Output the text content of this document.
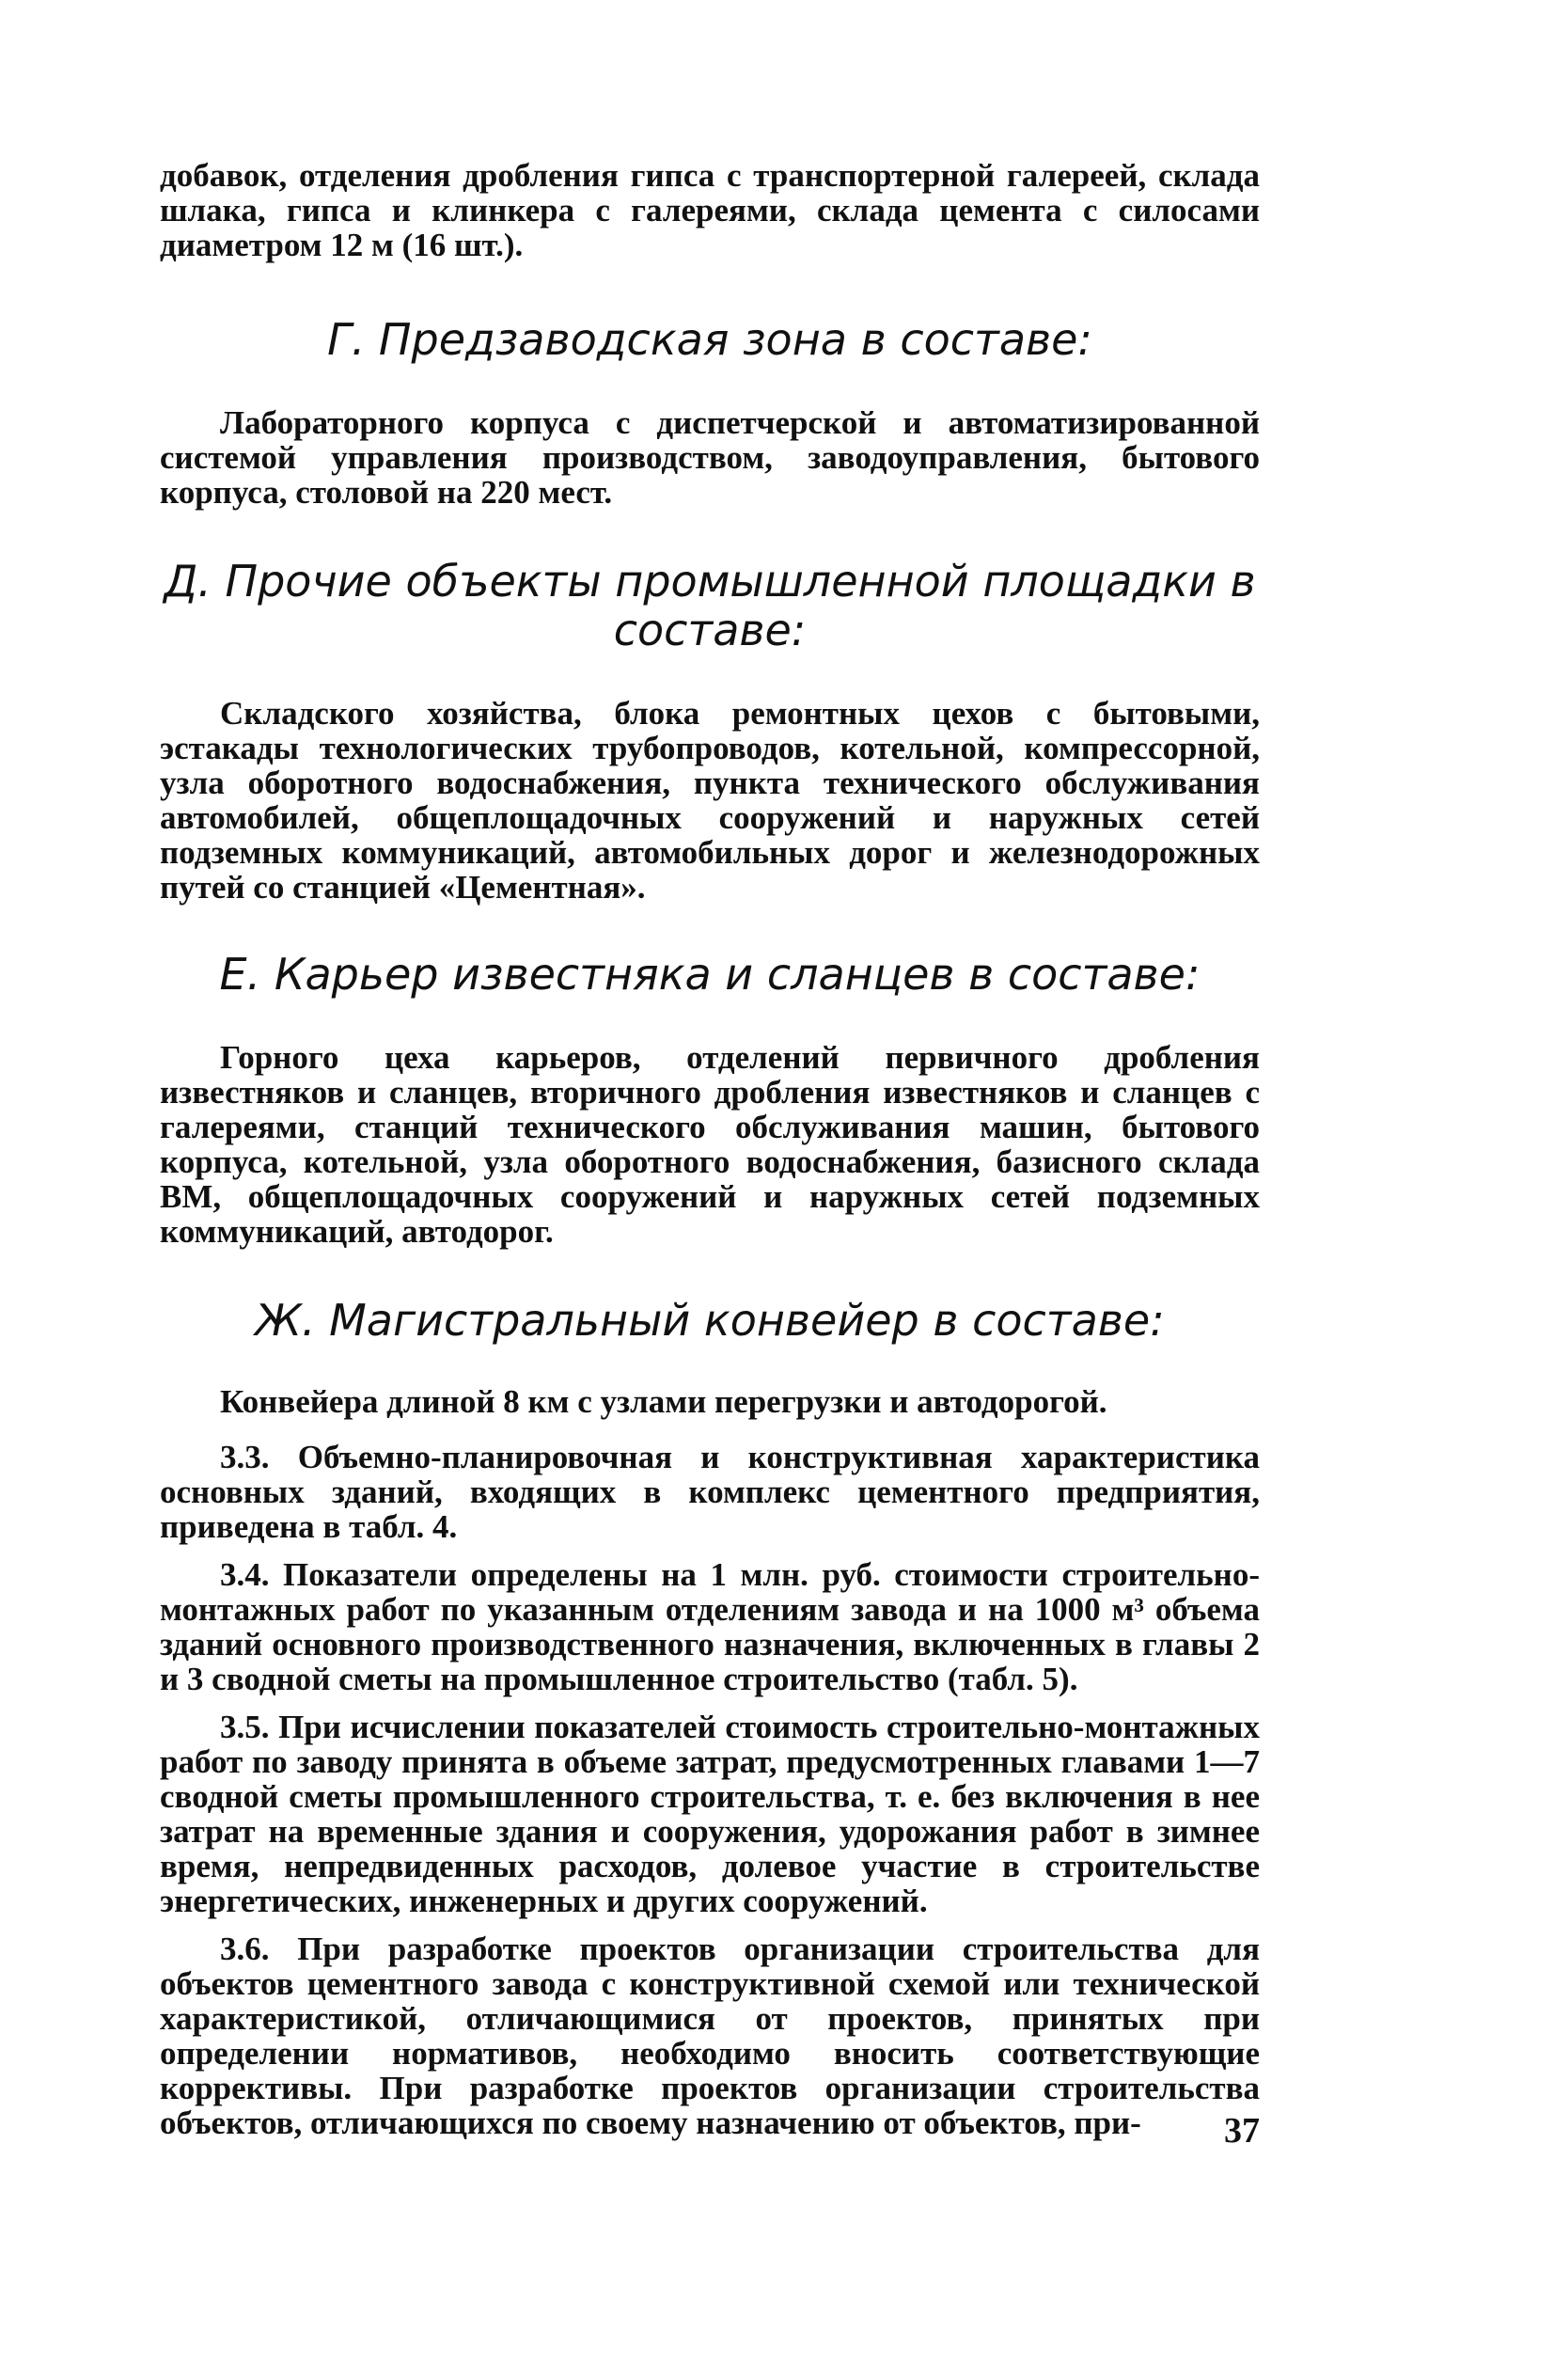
добавок, отделения дробления гипса с транспортерной галереей, склада шлака, гипса и клинкера с галереями, склада цемента с силосами диаметром 12 м (16 шт.).

Г. Предзаводская зона в составе:

Лабораторного корпуса с диспетчерской и автоматизированной системой управления производством, заводоуправления, бытового корпуса, столовой на 220 мест.

Д. Прочие объекты промышленной площадки в составе:

Складского хозяйства, блока ремонтных цехов с бытовыми, эстакады технологических трубопроводов, котельной, компрессорной, узла оборотного водоснабжения, пункта технического обслуживания автомобилей, общеплощадочных сооружений и наружных сетей подземных коммуникаций, автомобильных дорог и железнодорожных путей со станцией «Цементная».

Е. Карьер известняка и сланцев в составе:

Горного цеха карьеров, отделений первичного дробления известняков и сланцев, вторичного дробления известняков и сланцев с галереями, станций технического обслуживания машин, бытового корпуса, котельной, узла оборотного водоснабжения, базисного склада ВМ, общеплощадочных сооружений и наружных сетей подземных коммуникаций, автодорог.

Ж. Магистральный конвейер в составе:

Конвейера длиной 8 км с узлами перегрузки и автодорогой.

3.3. Объемно-планировочная и конструктивная характеристика основных зданий, входящих в комплекс цементного предприятия, приведена в табл. 4.

3.4. Показатели определены на 1 млн. руб. стоимости строительно-монтажных работ по указанным отделениям завода и на 1000 м³ объема зданий основного производственного назначения, включенных в главы 2 и 3 сводной сметы на промышленное строительство (табл. 5).

3.5. При исчислении показателей стоимость строительно-монтажных работ по заводу принята в объеме затрат, предусмотренных главами 1—7 сводной сметы промышленного строительства, т. е. без включения в нее затрат на временные здания и сооружения, удорожания работ в зимнее время, непредвиденных расходов, долевое участие в строительстве энергетических, инженерных и других сооружений.

3.6. При разработке проектов организации строительства для объектов цементного завода с конструктивной схемой или технической характеристикой, отличающимися от проектов, принятых при определении нормативов, необходимо вносить соответствующие коррективы. При разработке проектов организации строительства объектов, отличающихся по своему назначению от объектов, при-	37
